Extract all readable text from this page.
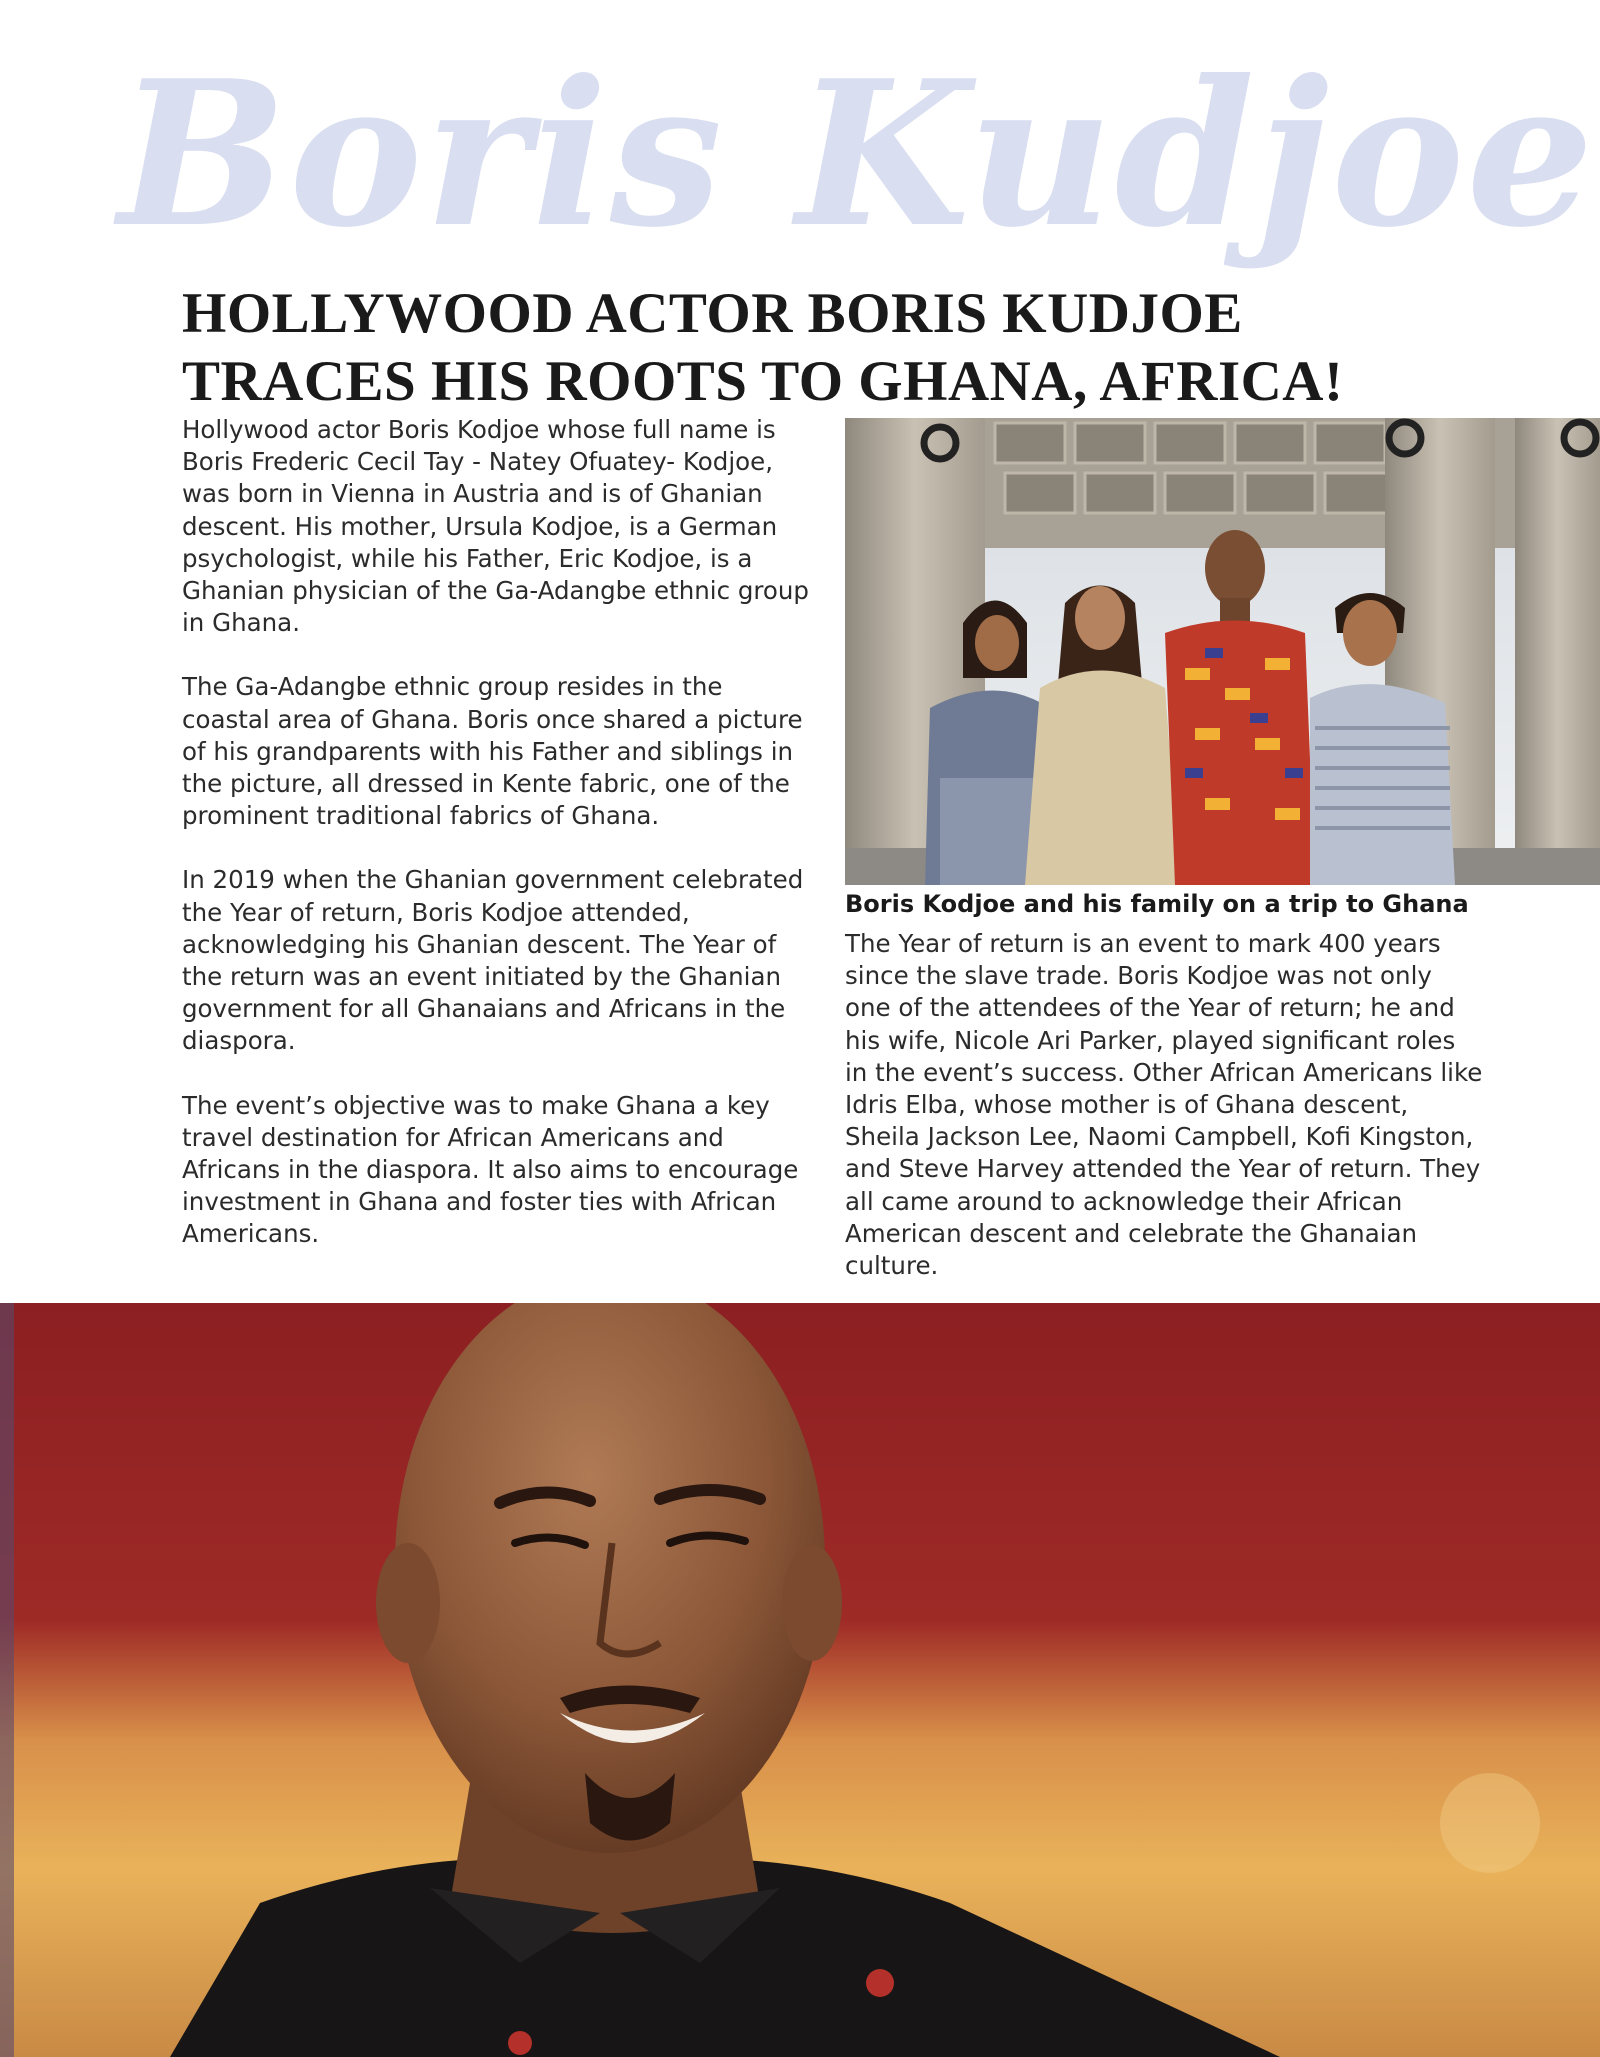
Boris Kudjoe
HOLLYWOOD ACTOR BORIS KUDJOE
TRACES HIS ROOTS TO GHANA, AFRICA!

Hollywood actor Boris Kodjoe whose full name is Boris Frederic Cecil Tay - Natey Ofuatey- Kodjoe, was born in Vienna in Austria and is of Ghanian descent. His mother, Ursula Kodjoe, is a German psychologist, while his Father, Eric Kodjoe, is a Ghanian physician of the Ga-Adangbe ethnic group in Ghana.

The Ga-Adangbe ethnic group resides in the coastal area of Ghana. Boris once shared a picture of his grandparents with his Father and siblings in the picture, all dressed in Kente fabric, one of the prominent traditional fabrics of Ghana.

In 2019 when the Ghanian government celebrated the Year of return, Boris Kodjoe attended, acknowledging his Ghanian descent. The Year of the return was an event initiated by the Ghanian government for all Ghanaians and Africans in the diaspora.

The event’s objective was to make Ghana a key travel destination for African Americans and Africans in the diaspora. It also aims to encourage investment in Ghana and foster ties with African Americans.

Boris Kodjoe and his family on a trip to Ghana

The Year of return is an event to mark 400 years since the slave trade. Boris Kodjoe was not only one of the attendees of the Year of return; he and his wife, Nicole Ari Parker, played significant roles in the event’s success. Other African Americans like Idris Elba, whose mother is of Ghana descent, Sheila Jackson Lee, Naomi Campbell, Kofi Kingston, and Steve Harvey attended the Year of return. They all came around to acknowledge their African American descent and celebrate the Ghanaian culture.
